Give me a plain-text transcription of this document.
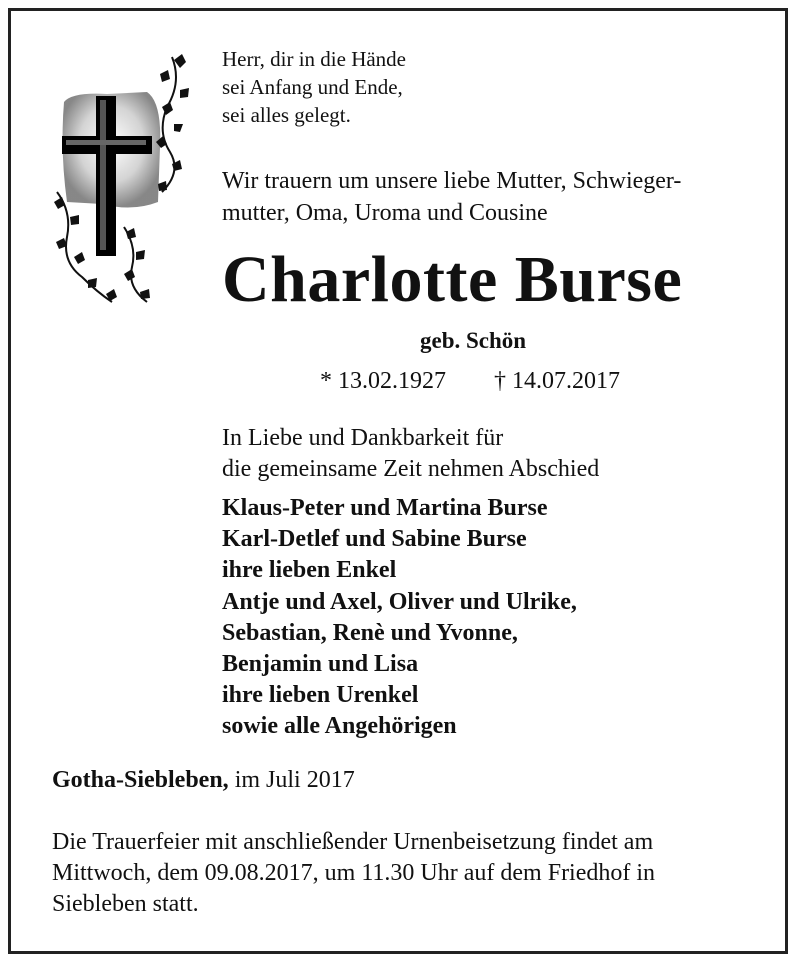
Herr, dir in die Hände
sei Anfang und Ende,
sei alles gelegt.
Wir trauern um unsere liebe Mutter, Schwieger-
mutter, Oma, Uroma und Cousine
Charlotte Burse
geb. Schön
* 13.02.1927 † 14.07.2017
In Liebe und Dankbarkeit für
die gemeinsame Zeit nehmen Abschied
Klaus-Peter und Martina Burse
Karl-Detlef und Sabine Burse
ihre lieben Enkel
Antje und Axel, Oliver und Ulrike,
Sebastian, Renè und Yvonne,
Benjamin und Lisa
ihre lieben Urenkel
sowie alle Angehörigen
Gotha-Siebleben, im Juli 2017
Die Trauerfeier mit anschließender Urnenbeisetzung findet am
Mittwoch, dem 09.08.2017, um 11.30 Uhr auf dem Friedhof in
Siebleben statt.
